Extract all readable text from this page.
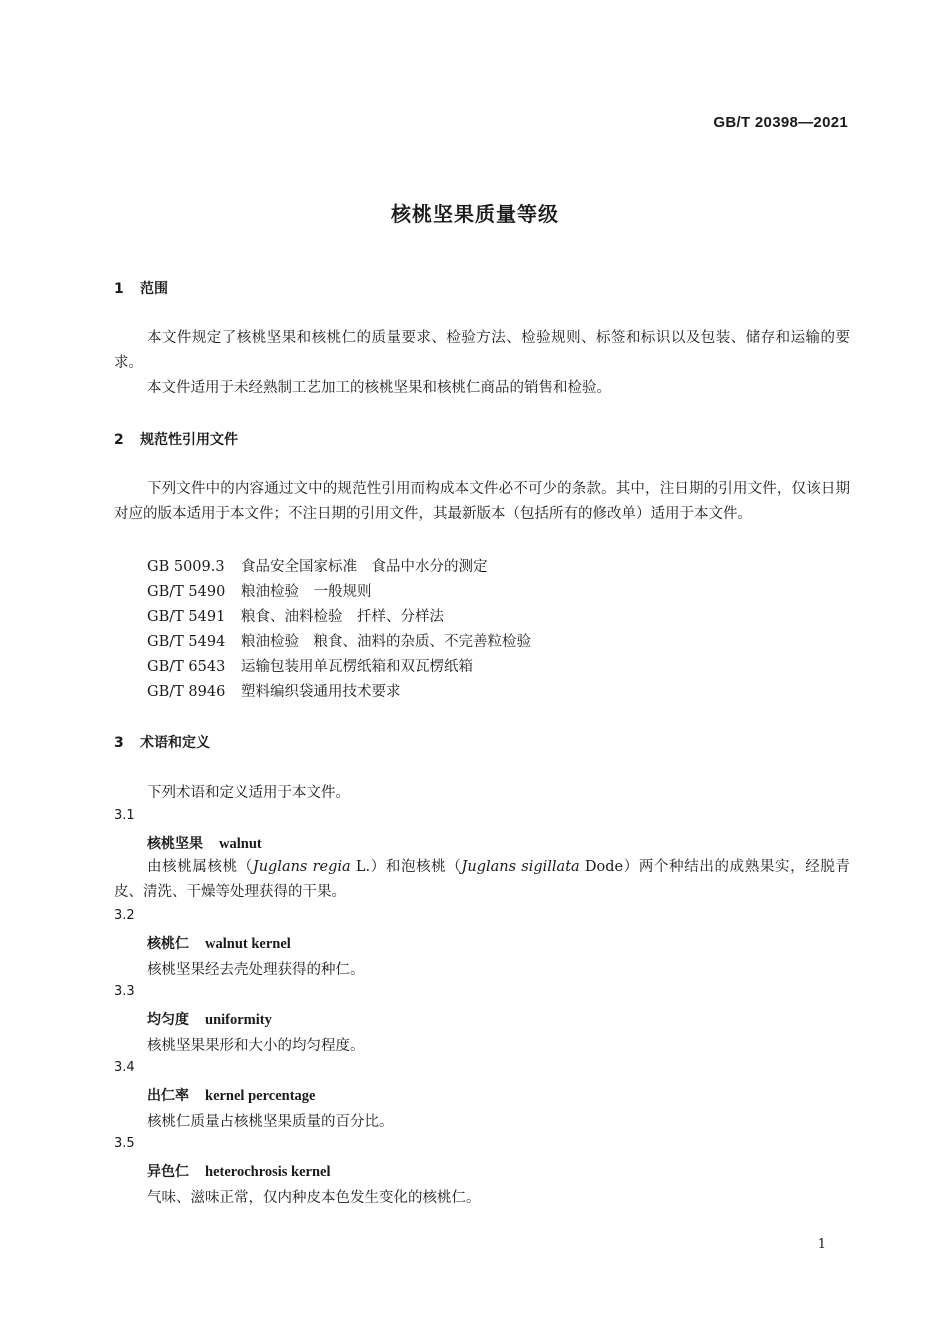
GB/T 20398—2021
核桃坚果质量等级
1 范围
本文件规定了核桃坚果和核桃仁的质量要求、检验方法、检验规则、标签和标识以及包装、储存和运输的要求。
本文件适用于未经熟制工艺加工的核桃坚果和核桃仁商品的销售和检验。
2 规范性引用文件
下列文件中的内容通过文中的规范性引用而构成本文件必不可少的条款。其中，注日期的引用文件，仅该日期对应的版本适用于本文件；不注日期的引用文件，其最新版本（包括所有的修改单）适用于本文件。
GB 5009.3 食品安全国家标准　食品中水分的测定
GB/T 5490 粮油检验　一般规则
GB/T 5491 粮食、油料检验　扦样、分样法
GB/T 5494 粮油检验　粮食、油料的杂质、不完善粒检验
GB/T 6543 运输包装用单瓦楞纸箱和双瓦楞纸箱
GB/T 8946 塑料编织袋通用技术要求
3 术语和定义
下列术语和定义适用于本文件。
3.1
核桃坚果 walnut
由核桃属核桃（Juglans regia L.）和泡核桃（Juglans sigillata Dode）两个种结出的成熟果实，经脱青皮、清洗、干燥等处理获得的干果。
3.2
核桃仁 walnut kernel
核桃坚果经去壳处理获得的种仁。
3.3
均匀度 uniformity
核桃坚果果形和大小的均匀程度。
3.4
出仁率 kernel percentage
核桃仁质量占核桃坚果质量的百分比。
3.5
异色仁 heterochrosis kernel
气味、滋味正常，仅内种皮本色发生变化的核桃仁。
1
